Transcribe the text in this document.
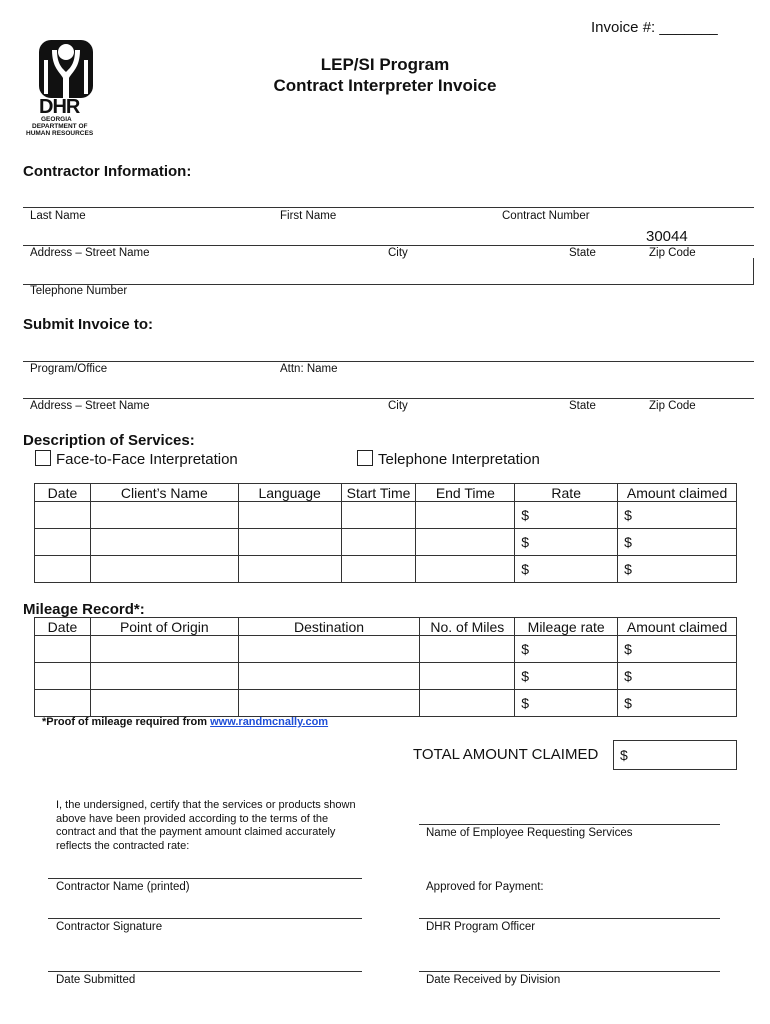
Invoice #: _______
DHR
GEORGIA
DEPARTMENT OF
HUMAN RESOURCES
LEP/SI Program
Contract Interpreter Invoice
Contractor Information:
Last Name	First Name	Contract Number
30044
Address – Street Name	City	State	Zip Code
Telephone Number
Submit Invoice to:
Program/Office	Attn: Name
Address – Street Name	City	State	Zip Code
Description of Services:
Face-to-Face Interpretation	Telephone Interpretation
Date	Client’s Name	Language	Start Time	End Time	Rate	Amount claimed
					$	$
					$	$
					$	$
Mileage Record*:
Date	Point of Origin	Destination	No. of Miles	Mileage rate	Amount claimed
				$	$
				$	$
				$	$
*Proof of mileage required from www.randmcnally.com
TOTAL AMOUNT CLAIMED $
I, the undersigned, certify that the services or products shown above have been provided according to the terms of the contract and that the payment amount claimed accurately reflects the contracted rate:
Name of Employee Requesting Services
Contractor Name (printed)	Approved for Payment:
Contractor Signature	DHR Program Officer
Date Submitted	Date Received by Division
